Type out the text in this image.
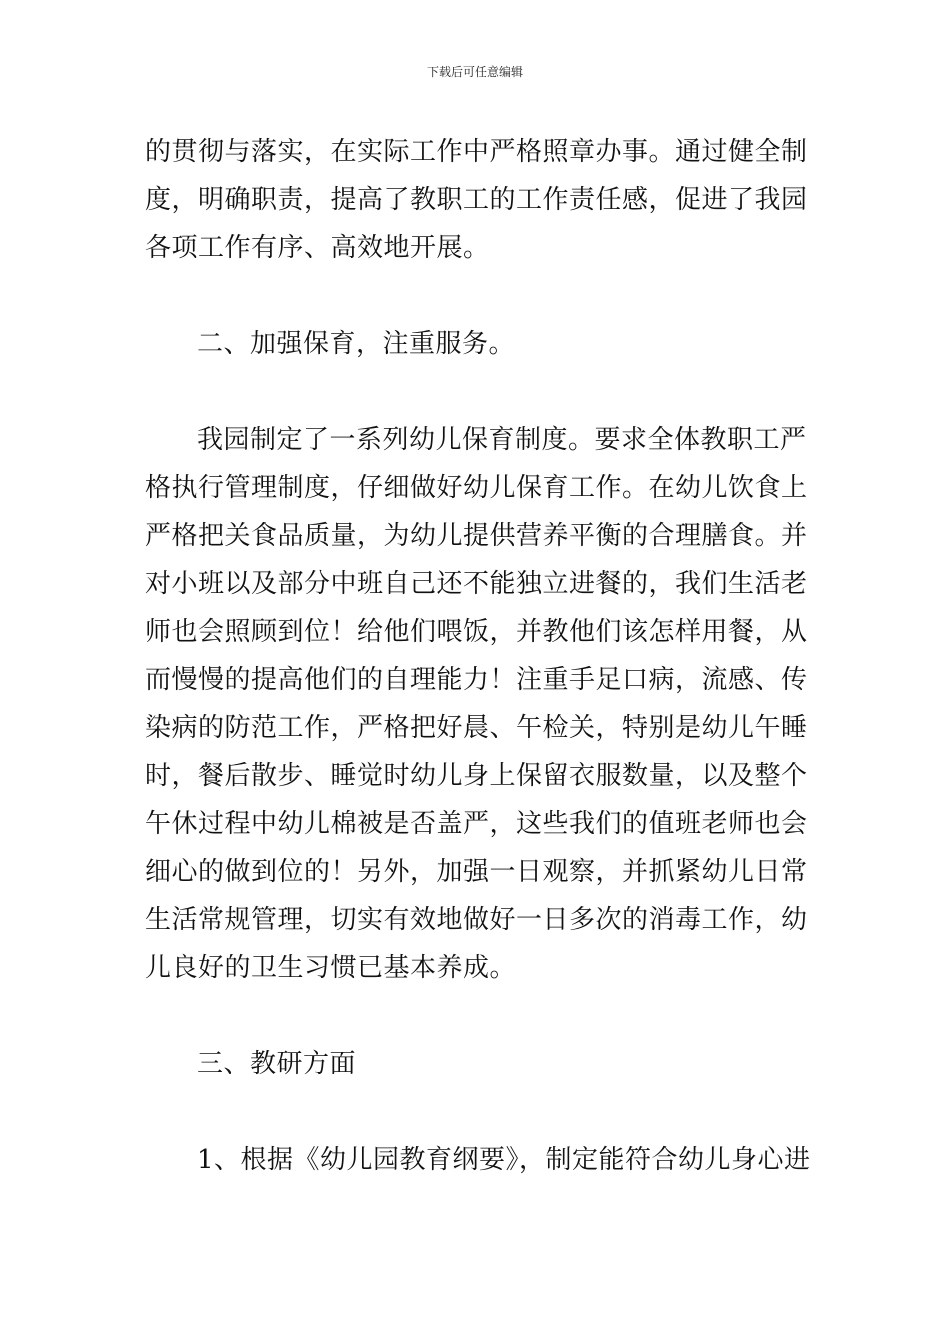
下载后可任意编辑
的贯彻与落实，在实际工作中严格照章办事。通过健全制
度，明确职责，提高了教职工的工作责任感，促进了我园
各项工作有序、高效地开展。
二、加强保育，注重服务。
我园制定了一系列幼儿保育制度。要求全体教职工严
格执行管理制度，仔细做好幼儿保育工作。在幼儿饮食上
严格把关食品质量，为幼儿提供营养平衡的合理膳食。并
对小班以及部分中班自己还不能独立进餐的，我们生活老
师也会照顾到位！给他们喂饭，并教他们该怎样用餐，从
而慢慢的提高他们的自理能力！注重手足口病，流感、传
染病的防范工作，严格把好晨、午检关，特别是幼儿午睡
时，餐后散步、睡觉时幼儿身上保留衣服数量，以及整个
午休过程中幼儿棉被是否盖严，这些我们的值班老师也会
细心的做到位的！另外，加强一日观察，并抓紧幼儿日常
生活常规管理，切实有效地做好一日多次的消毒工作，幼
儿良好的卫生习惯已基本养成。
三、教研方面
1、根据《幼儿园教育纲要》，制定能符合幼儿身心进
